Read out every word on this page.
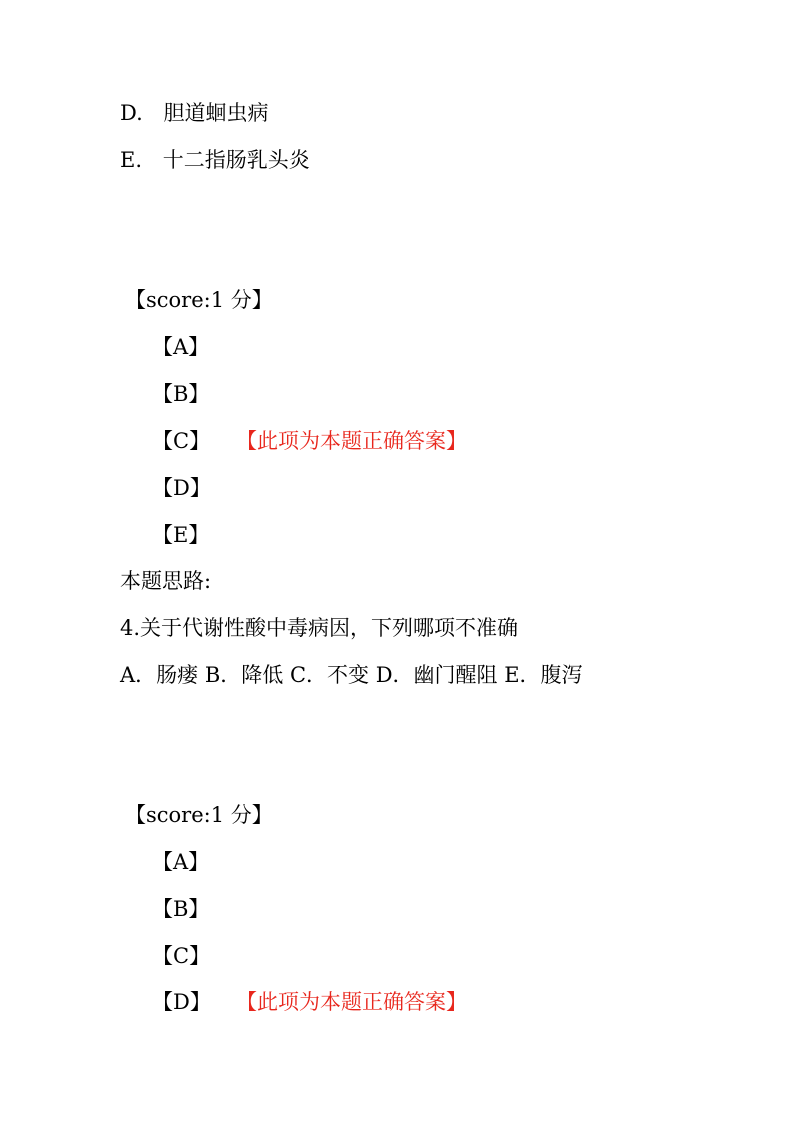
D. 胆道蛔虫病
E. 十二指肠乳头炎
【score:1 分】
【A】
【B】
【C】 【此项为本题正确答案】
【D】
【E】
本题思路:
4.关于代谢性酸中毒病因，下列哪项不准确
A．肠瘘 B．降低 C．不变 D．幽门醒阻 E．腹泻
【score:1 分】
【A】
【B】
【C】
【D】 【此项为本题正确答案】
